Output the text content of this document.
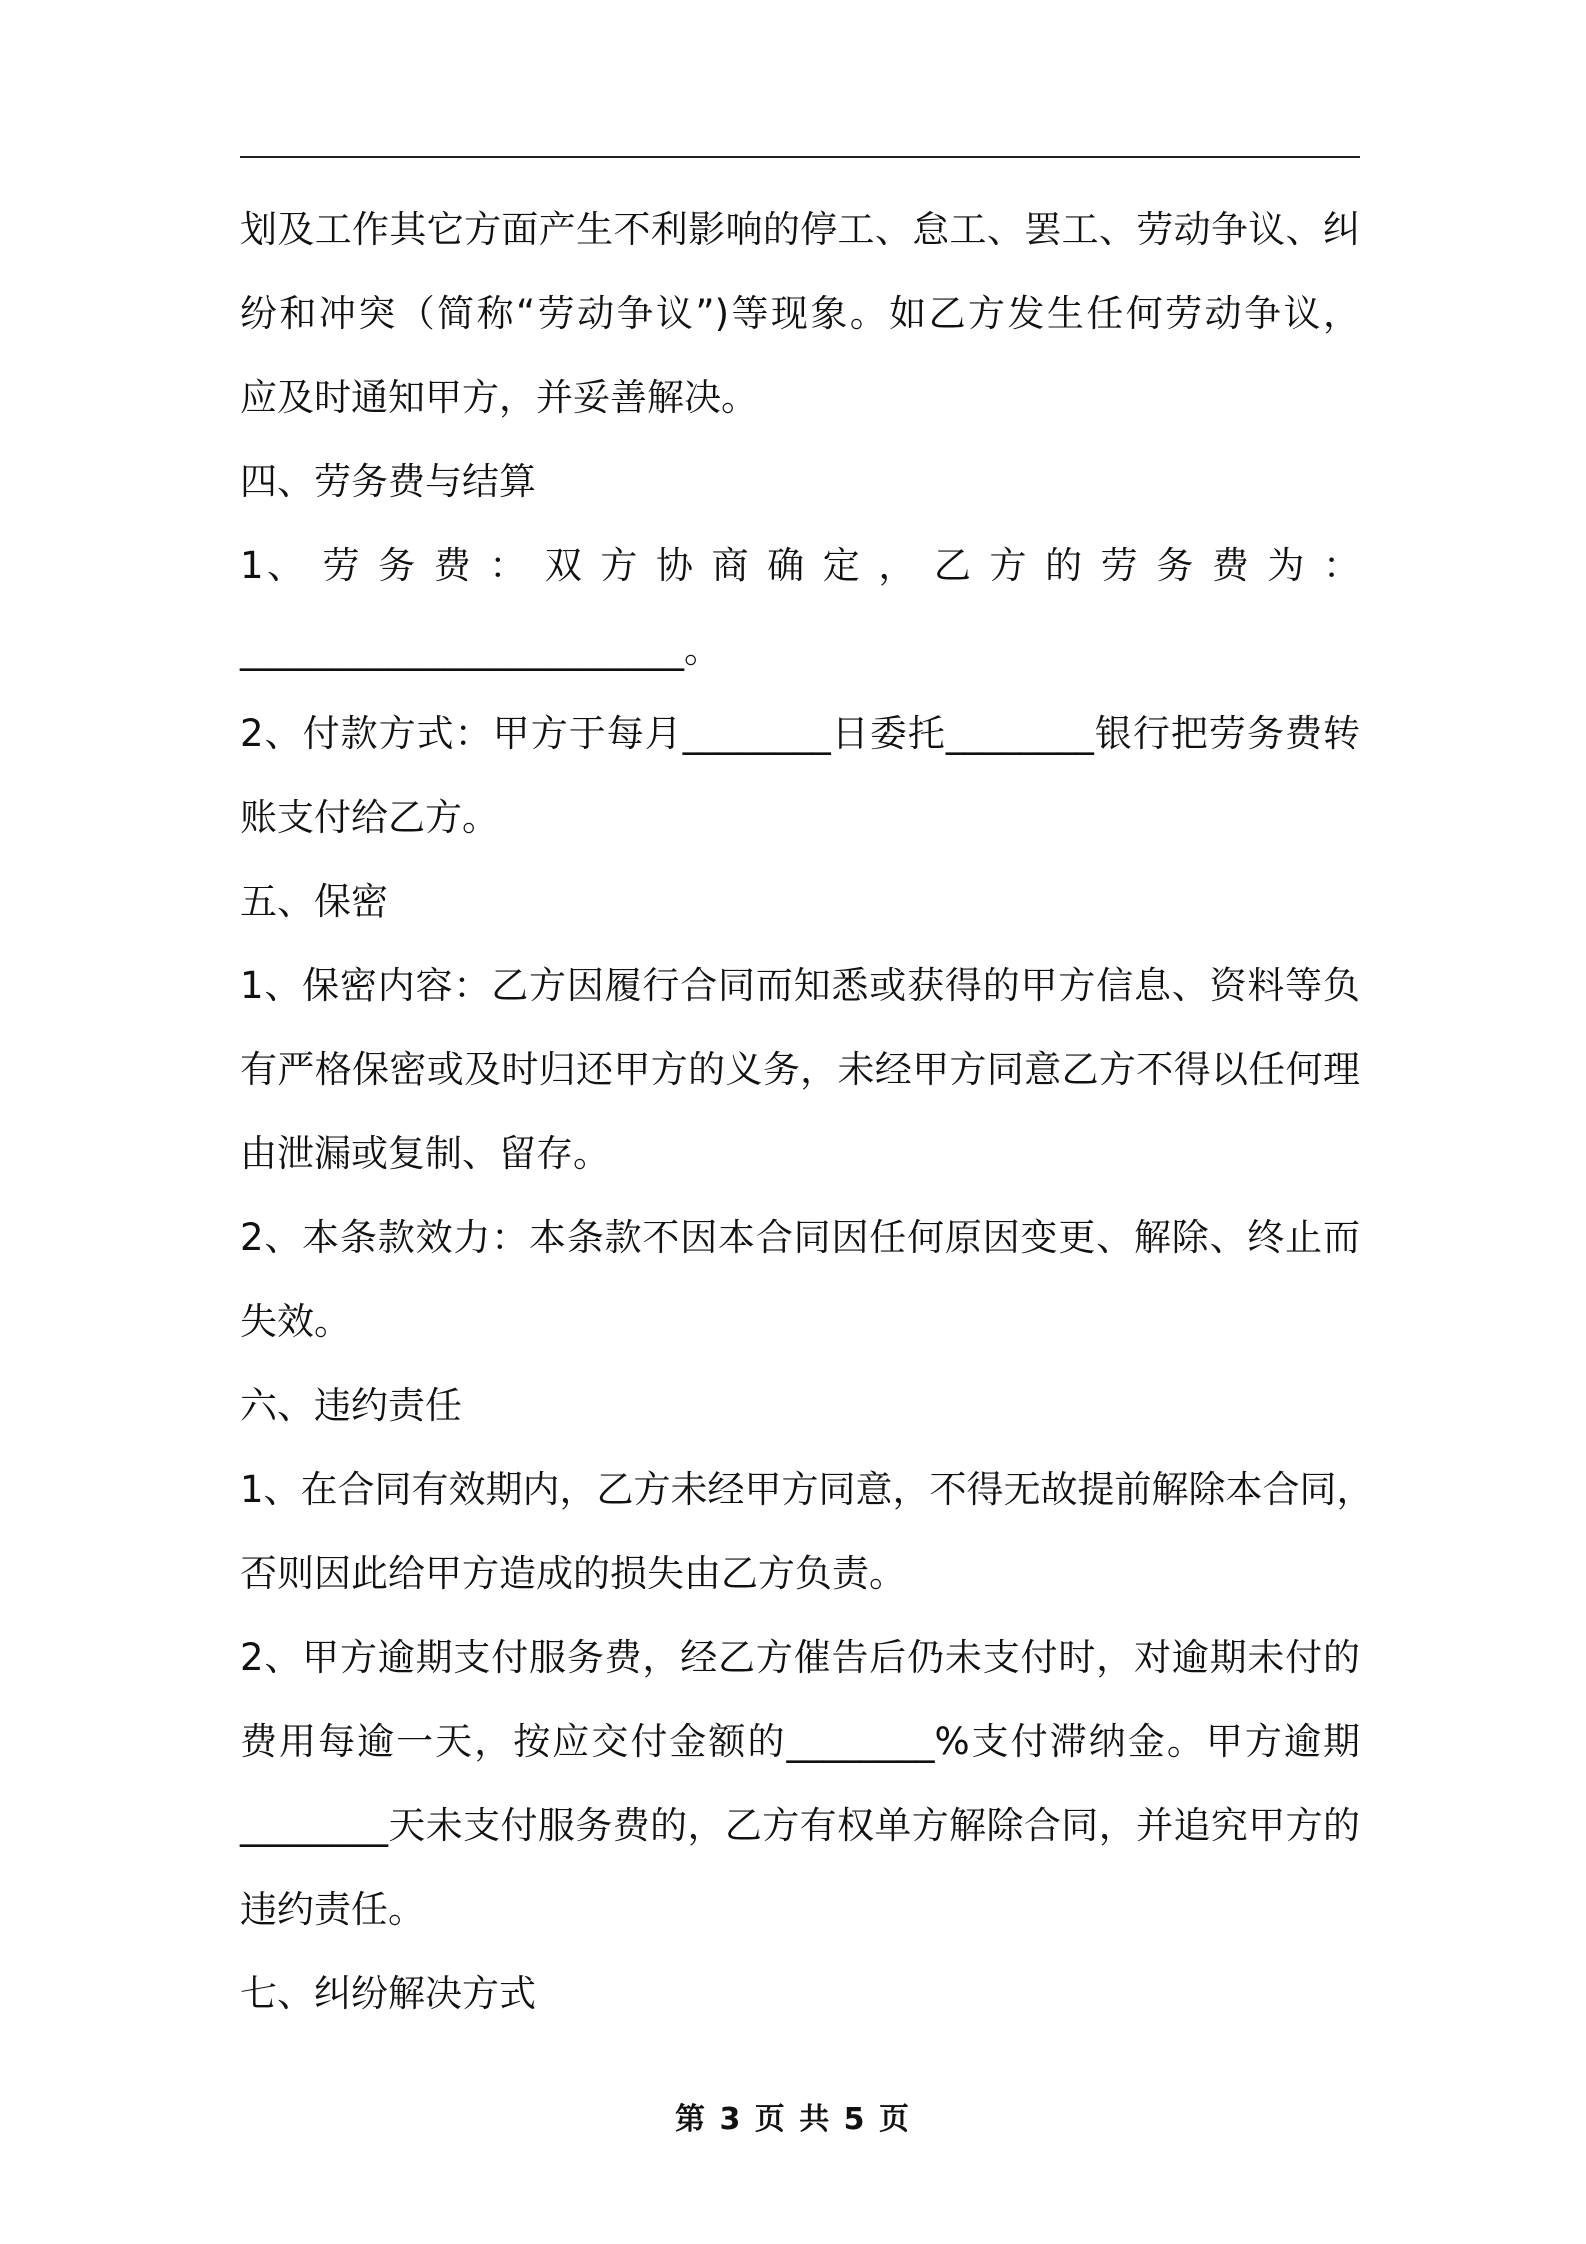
划及工作其它方面产生不利影响的停工、怠工、罢工、劳动争议、纠
纷和冲突（简称“劳动争议”)等现象。如乙方发生任何劳动争议，
应及时通知甲方，并妥善解决。
四、劳务费与结算
1、 劳 务 费 ： 双 方 协 商 确 定 ， 乙 方 的 劳 务 费 为 ：
________________________。
2、付款方式：甲方于每月________日委托________银行把劳务费转
账支付给乙方。
五、保密
1、保密内容：乙方因履行合同而知悉或获得的甲方信息、资料等负
有严格保密或及时归还甲方的义务，未经甲方同意乙方不得以任何理
由泄漏或复制、留存。
2、本条款效力：本条款不因本合同因任何原因变更、解除、终止而
失效。
六、违约责任
1、在合同有效期内，乙方未经甲方同意，不得无故提前解除本合同，
否则因此给甲方造成的损失由乙方负责。
2、甲方逾期支付服务费，经乙方催告后仍未支付时，对逾期未付的
费用每逾一天，按应交付金额的________%支付滞纳金。甲方逾期
________天未支付服务费的，乙方有权单方解除合同，并追究甲方的
违约责任。
七、纠纷解决方式
第 3 页 共 5 页
